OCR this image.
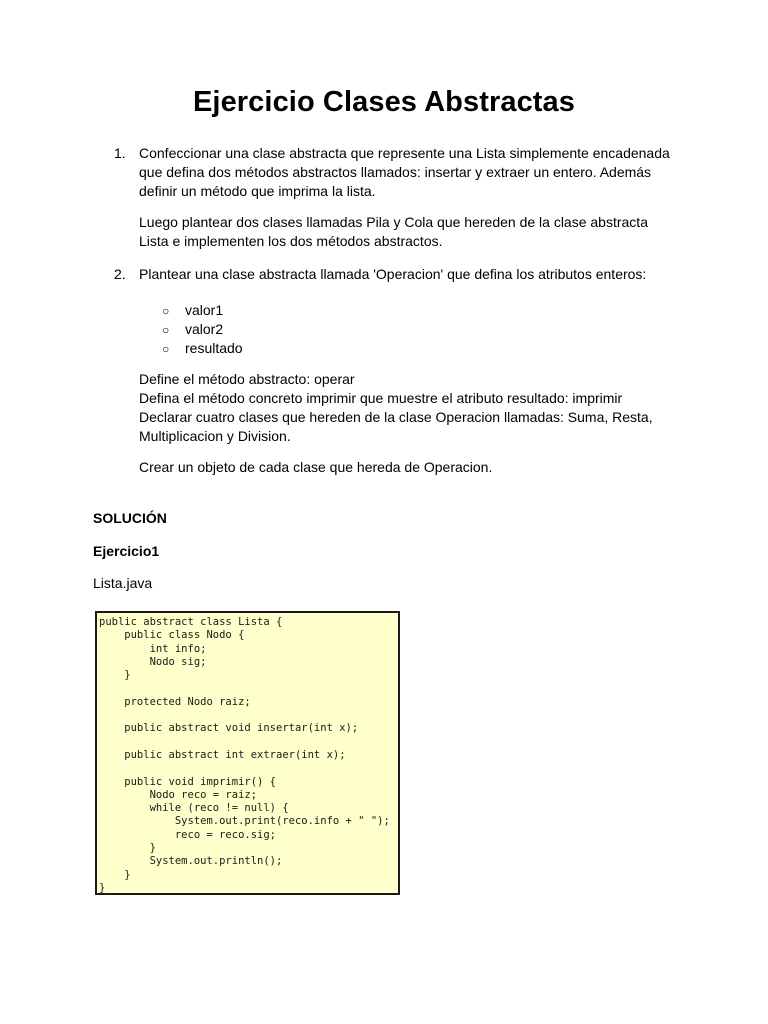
Ejercicio Clases Abstractas
1. Confeccionar una clase abstracta que represente una Lista simplemente encadenada que defina dos métodos abstractos llamados: insertar y extraer un entero. Además definir un método que imprima la lista.

Luego plantear dos clases llamadas Pila y Cola que hereden de la clase abstracta Lista e implementen los dos métodos abstractos.

2. Plantear una clase abstracta llamada 'Operacion' que defina los atributos enteros:

○ valor1
○ valor2
○ resultado
Define el método abstracto: operar
Defina el método concreto imprimir que muestre el atributo resultado: imprimir
Declarar cuatro clases que hereden de la clase Operacion llamadas: Suma, Resta, Multiplicacion y Division.
Crear un objeto de cada clase que hereda de Operacion.
SOLUCIÓN
Ejercicio1
Lista.java
public abstract class Lista {
public class Nodo {
int info;
Nodo sig;
}
protected Nodo raiz;
public abstract void insertar(int x);
public abstract int extraer(int x);
public void imprimir() {
Nodo reco = raiz;
while (reco != null) {
System.out.print(reco.info + " ");
reco = reco.sig;
}
System.out.println();
}
}
